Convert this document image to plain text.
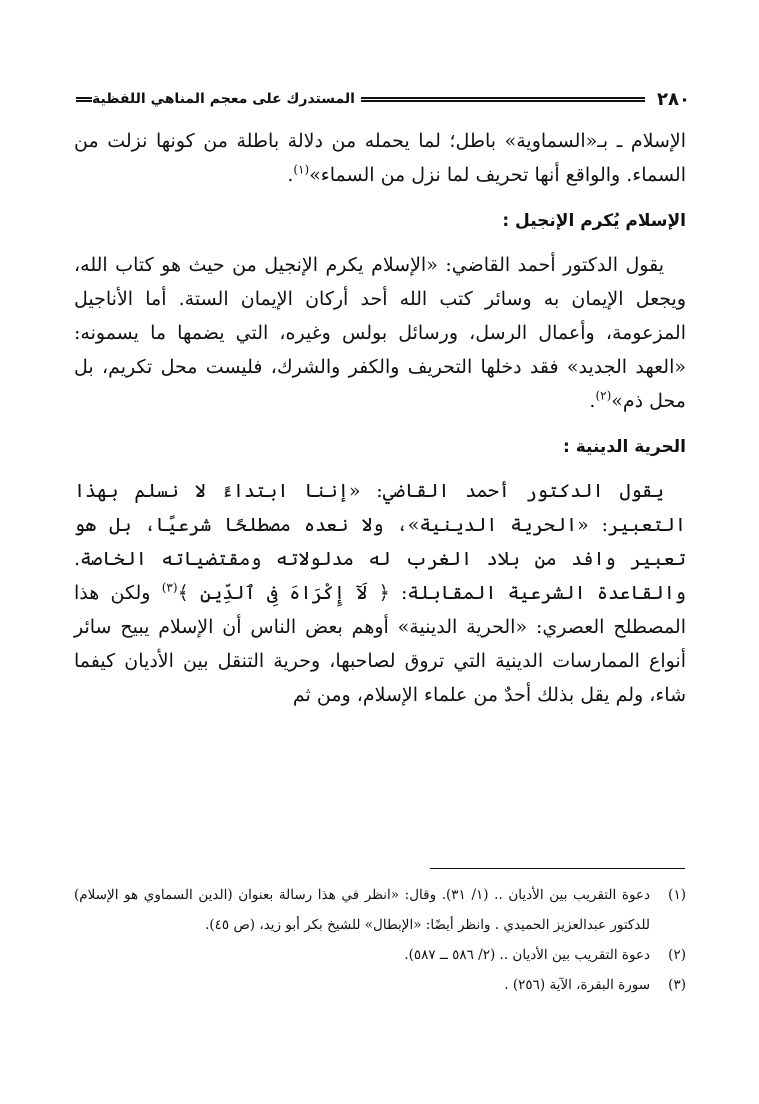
٢٨٠
المستدرك على معجم المناهي اللفظية

الإسلام ـ بـ«السماوية» باطل؛ لما يحمله من دلالة باطلة من كونها نزلت من السماء. والواقع أنها تحريف لما نزل من السماء»$^{(١)}$.

الإسلام يُكرم الإنجيل :

يقول الدكتور أحمد القاضي: «الإسلام يكرم الإنجيل من حيث هو كتاب الله، ويجعل الإيمان به وسائر كتب الله أحد أركان الإيمان الستة. أما الأناجيل المزعومة، وأعمال الرسل، ورسائل بولس وغيره، التي يضمها ما يسمونه: «العهد الجديد» فقد دخلها التحريف والكفر والشرك، فليست محل تكريم، بل محل ذم»$^{(٢)}$.

الحرية الدينية :

يقول الدكتور أحمد القاضي: «إننا ابتداءً لا نسلم بهذا التعبير: «الحرية الدينية»، ولا نعده مصطلحًا شرعيًا، بل هو تعبير وافد من بلاد الغرب له مدلولاته ومقتضياته الخاصة. والقاعدة الشرعية المقابلة: ﴿ لَآ إِكْرَاهَ فِى ٱلدِّينِ ﴾$^{(٣)}$ ولكن هذا المصطلح العصري: «الحرية الدينية» أوهم بعض الناس أن الإسلام يبيح سائر أنواع الممارسات الدينية التي تروق لصاحبها، وحرية التنقل بين الأديان كيفما شاء، ولم يقل بذلك أحدٌ من علماء الإسلام، ومن ثم

(١)
دعوة التقريب بين الأديان .. (١/ ٣١). وقال: «انظر في هذا رسالة بعنوان (الدين السماوي هو الإسلام) للدكتور عبدالعزيز الحميدي . وانظر أيضًا: «الإبطال» للشيخ بكر أبو زيد، (ص ٤٥).
(٢)
دعوة التقريب بين الأديان .. (٢/ ٥٨٦ ــ ٥٨٧).
(٣)
سورة البقرة، الآية (٢٥٦) .
